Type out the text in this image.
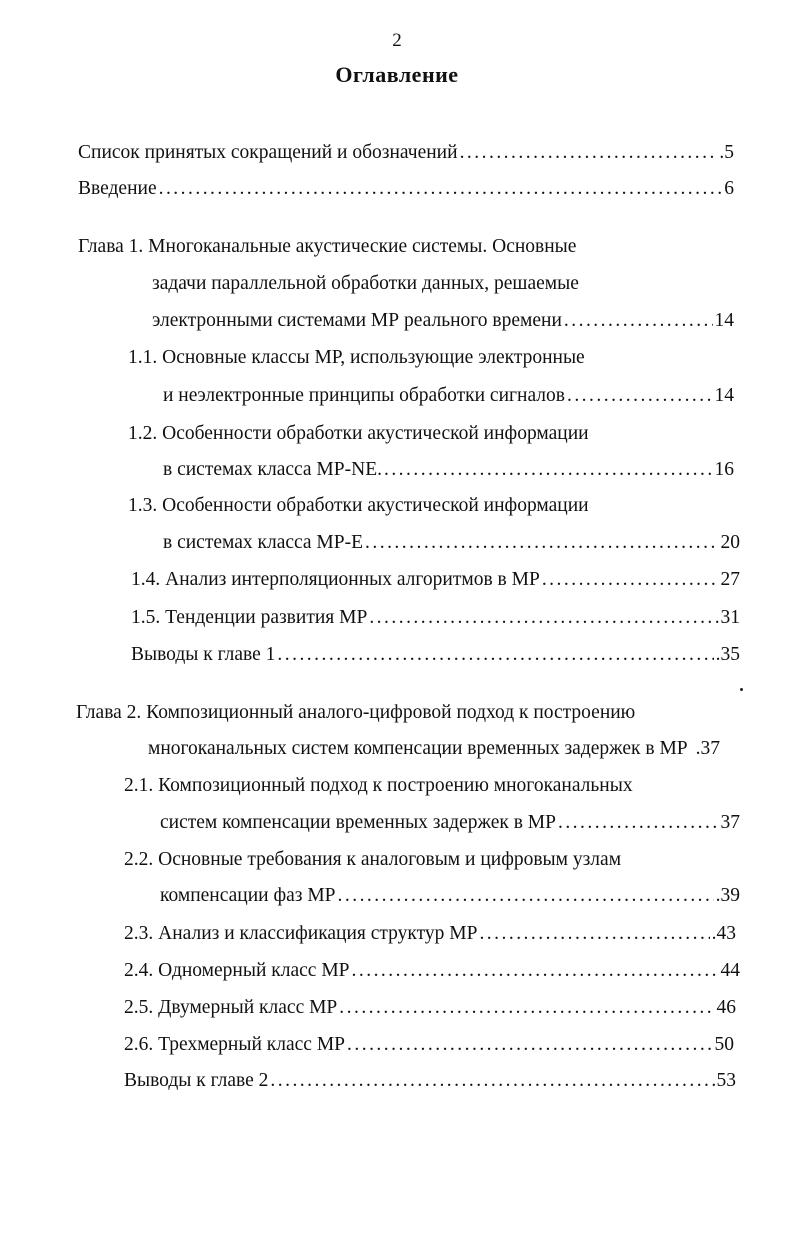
2
Оглавление
Список принятых сокращений и обозначений . . .	.5
Введение . . .	6
Глава 1. Многоканальные акустические системы. Основные
задачи параллельной обработки данных, решаемые
электронными системами МР реального времени . . .	14
1.1. Основные классы МР, использующие электронные
и неэлектронные принципы обработки сигналов . . .	14
1.2. Особенности обработки акустической информации
в системах класса МР-NE. . . .	16
1.3. Особенности обработки акустической информации
в системах класса МР-Е . . .	20
1.4. Анализ интерполяционных алгоритмов в МР . . .	27
1.5. Тенденции развития МР . . .	31
Выводы к главе 1 . . .	.35
Глава 2. Композиционный аналого-цифровой подход к построению
многоканальных систем компенсации временных задержек в МР .37
2.1. Композиционный подход к построению многоканальных
систем компенсации временных задержек в МР . . .	37
2.2. Основные требования к аналоговым и цифровым узлам
компенсации фаз МР . . .	.39
2.3. Анализ и классификация структур МР . . .	.43
2.4. Одномерный класс МР . . .	44
2.5. Двумерный класс МР . . .	46
2.6. Трехмерный класс МР . . .	50
Выводы к главе 2 . . .	53
